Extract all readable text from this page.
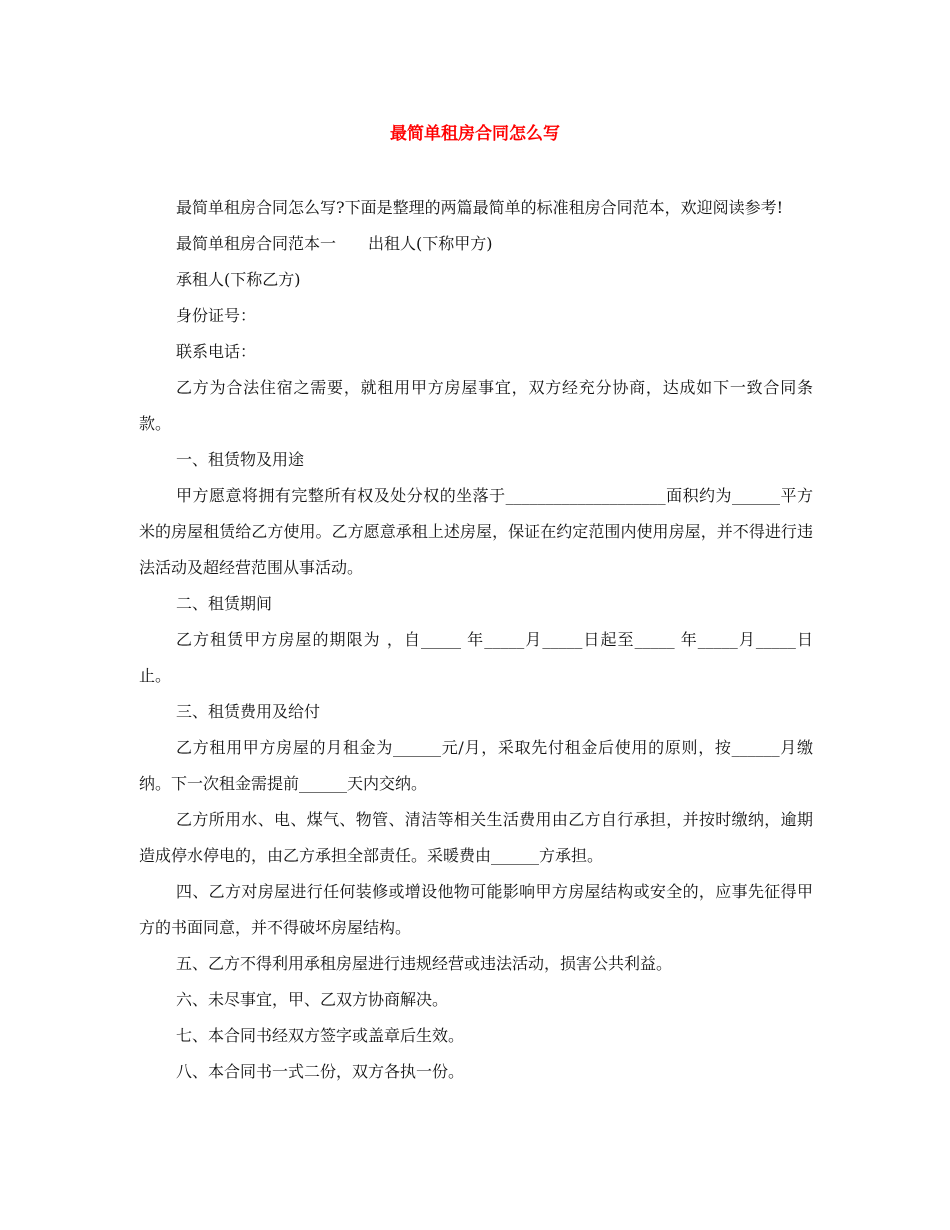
最简单租房合同怎么写

最简单租房合同怎么写?下面是整理的两篇最简单的标准租房合同范本，欢迎阅读参考!

最简单租房合同范本一　　出租人(下称甲方)

承租人(下称乙方)

身份证号：

联系电话：

乙方为合法住宿之需要，就租用甲方房屋事宜，双方经充分协商，达成如下一致合同条款。

一、租赁物及用途

甲方愿意将拥有完整所有权及处分权的坐落于____________________面积约为______平方米的房屋租赁给乙方使用。乙方愿意承租上述房屋，保证在约定范围内使用房屋，并不得进行违法活动及超经营范围从事活动。

二、租赁期间

乙方租赁甲方房屋的期限为 ，自_____ 年_____月_____日起至_____ 年_____月_____日止。

三、租赁费用及给付

乙方租用甲方房屋的月租金为______元/月，采取先付租金后使用的原则，按______月缴纳。下一次租金需提前______天内交纳。

乙方所用水、电、煤气、物管、清洁等相关生活费用由乙方自行承担，并按时缴纳，逾期造成停水停电的，由乙方承担全部责任。采暖费由______方承担。

四、乙方对房屋进行任何装修或增设他物可能影响甲方房屋结构或安全的，应事先征得甲方的书面同意，并不得破坏房屋结构。

五、乙方不得利用承租房屋进行违规经营或违法活动，损害公共利益。

六、未尽事宜，甲、乙双方协商解决。

七、本合同书经双方签字或盖章后生效。

八、本合同书一式二份，双方各执一份。
